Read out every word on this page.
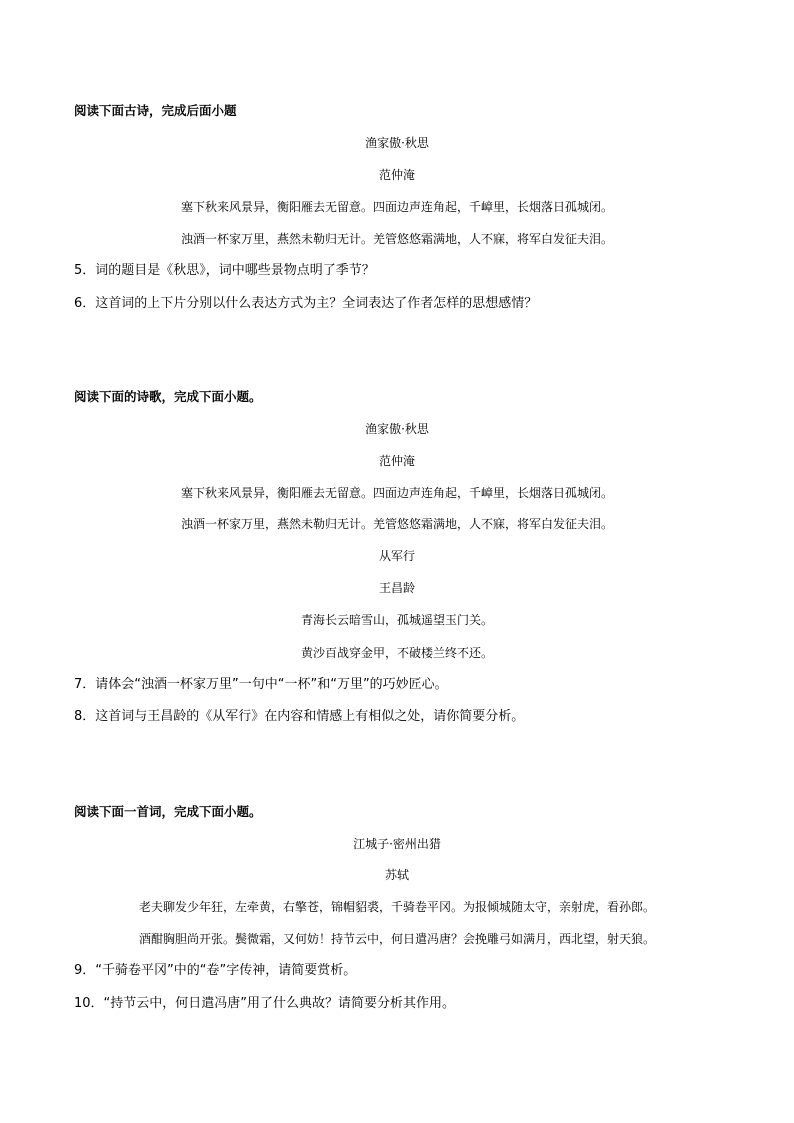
阅读下面古诗，完成后面小题
渔家傲·秋思
范仲淹
塞下秋来风景异，衡阳雁去无留意。四面边声连角起，千嶂里，长烟落日孤城闭。
浊酒一杯家万里，燕然未勒归无计。羌管悠悠霜满地，人不寐，将军白发征夫泪。
5．词的题目是《秋思》，词中哪些景物点明了季节？
6．这首词的上下片分别以什么表达方式为主？全词表达了作者怎样的思想感情？
阅读下面的诗歌，完成下面小题。
渔家傲·秋思
范仲淹
塞下秋来风景异，衡阳雁去无留意。四面边声连角起，千嶂里，长烟落日孤城闭。
浊酒一杯家万里，燕然未勒归无计。羌管悠悠霜满地，人不寐，将军白发征夫泪。
从军行
王昌龄
青海长云暗雪山，孤城遥望玉门关。
黄沙百战穿金甲，不破楼兰终不还。
7．请体会“浊酒一杯家万里”一句中“一杯”和“万里”的巧妙匠心。
8．这首词与王昌龄的《从军行》在内容和情感上有相似之处，请你简要分析。
阅读下面一首词，完成下面小题。
江城子·密州出猎
苏轼
老夫聊发少年狂，左牵黄，右擎苍，锦帽貂裘，千骑卷平冈。为报倾城随太守，亲射虎，看孙郎。
酒酣胸胆尚开张。鬓微霜，又何妨！持节云中，何日遣冯唐？会挽雕弓如满月，西北望，射天狼。
9．“千骑卷平冈”中的“卷”字传神，请简要赏析。
10．“持节云中，何日遣冯唐”用了什么典故？请简要分析其作用。
